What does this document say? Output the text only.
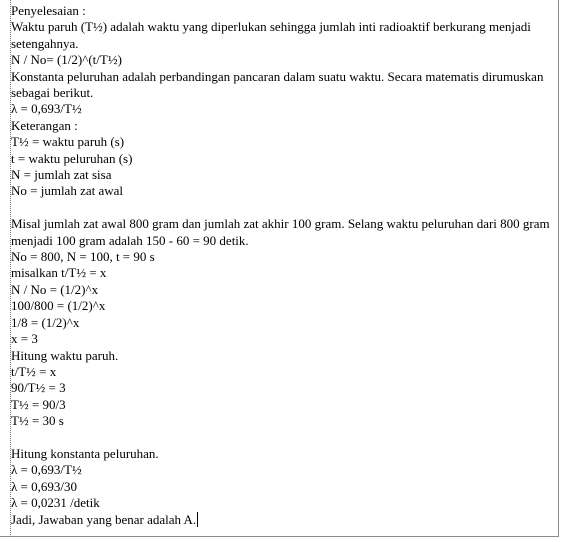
Penyelesaian :
Waktu paruh (T½) adalah waktu yang diperlukan sehingga jumlah inti radioaktif berkurang menjadi setengahnya.
N / No= (1/2)^(t/T½)
Konstanta peluruhan adalah perbandingan pancaran dalam suatu waktu. Secara matematis dirumuskan sebagai berikut.
λ = 0,693/T½
Keterangan :
T½ = waktu paruh (s)
t = waktu peluruhan (s)
N = jumlah zat sisa
No = jumlah zat awal
Misal jumlah zat awal 800 gram dan jumlah zat akhir 100 gram. Selang waktu peluruhan dari 800 gram menjadi 100 gram adalah 150 - 60 = 90 detik.
No = 800, N = 100, t = 90 s
misalkan t/T½ = x
N / No = (1/2)^x
100/800 = (1/2)^x
1/8 = (1/2)^x
x = 3
Hitung waktu paruh.
t/T½ = x
90/T½ = 3
T½ = 90/3
T½ = 30 s
Hitung konstanta peluruhan.
λ = 0,693/T½
λ = 0,693/30
λ = 0,0231 /detik
Jadi, Jawaban yang benar adalah A.
